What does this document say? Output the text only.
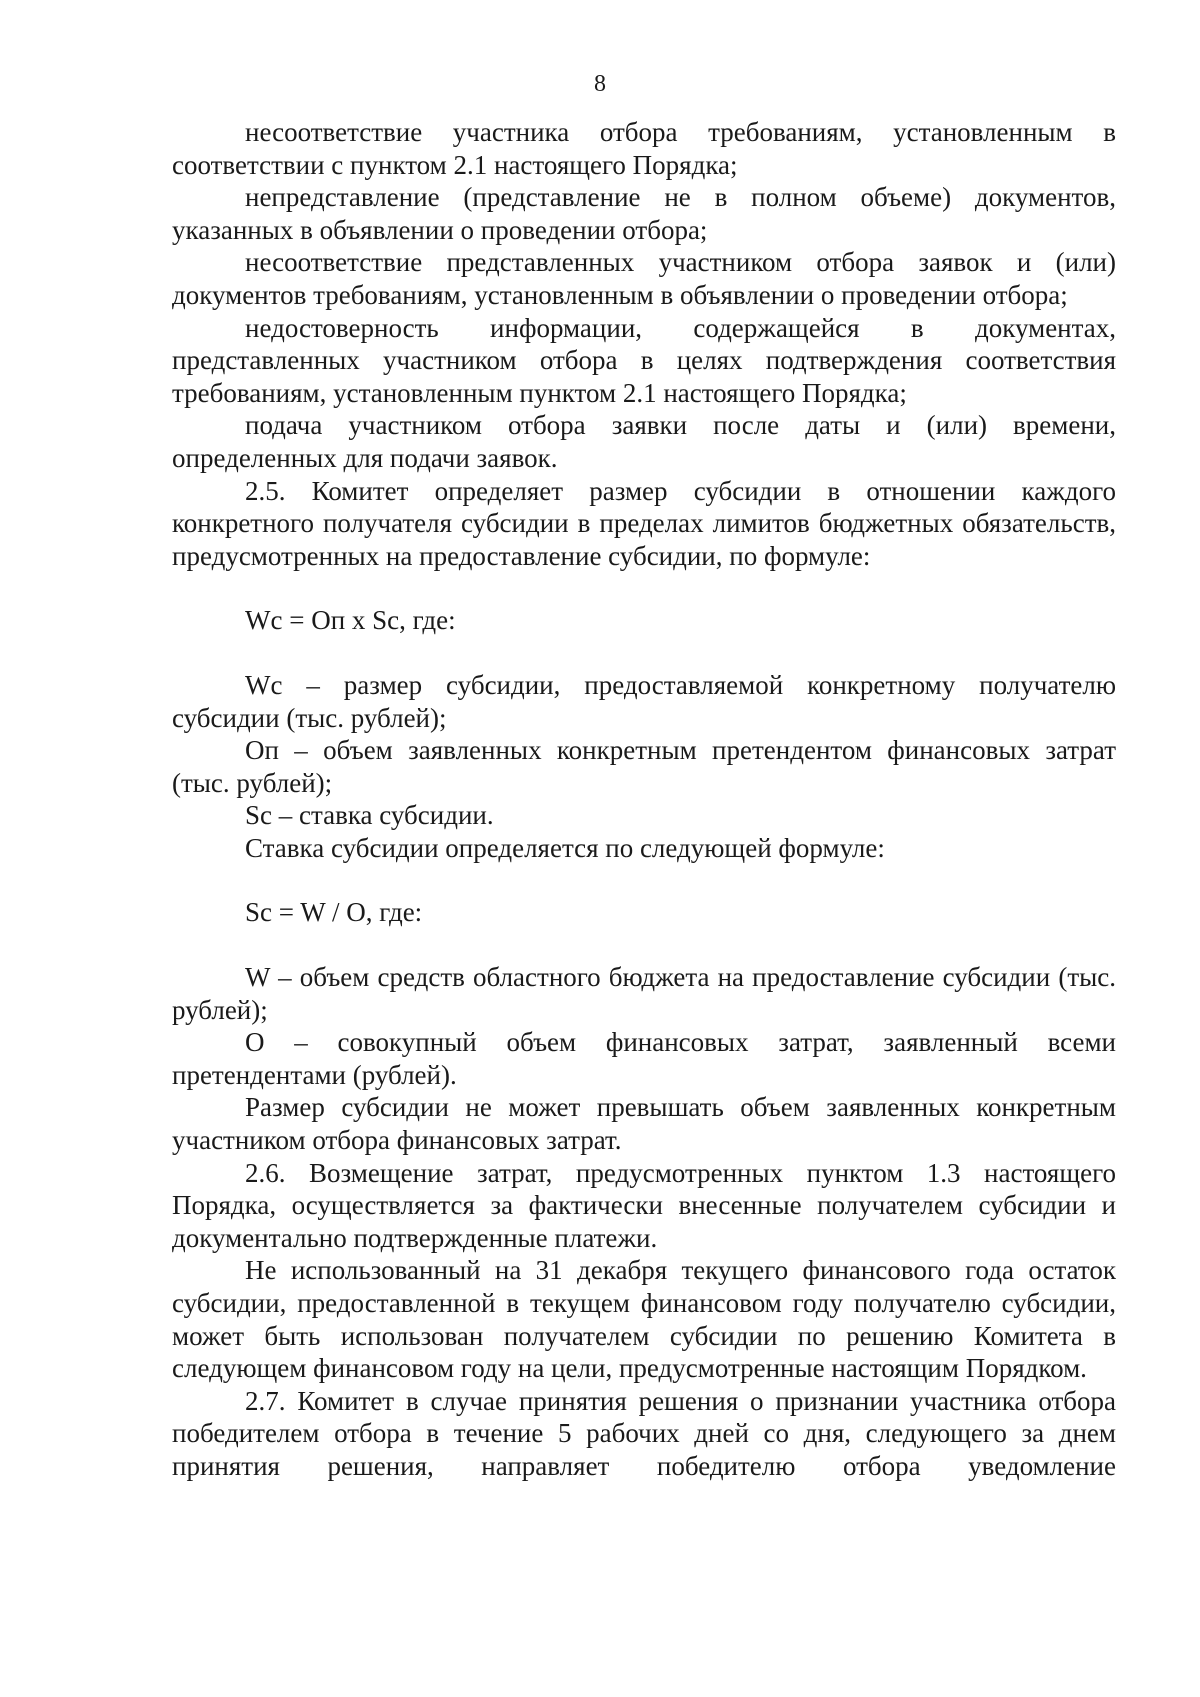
8

несоответствие участника отбора требованиям, установленным в соответствии с пунктом 2.1 настоящего Порядка;

непредставление (представление не в полном объеме) документов, указанных в объявлении о проведении отбора;

несоответствие представленных участником отбора заявок и (или) документов требованиям, установленным в объявлении о проведении отбора;

недостоверность информации, содержащейся в документах, представленных участником отбора в целях подтверждения соответствия требованиям, установленным пунктом 2.1 настоящего Порядка;

подача участником отбора заявки после даты и (или) времени, определенных для подачи заявок.

2.5. Комитет определяет размер субсидии в отношении каждого конкретного получателя субсидии в пределах лимитов бюджетных обязательств, предусмотренных на предоставление субсидии, по формуле:

Wc = Оп x Sc, где:

Wc – размер субсидии, предоставляемой конкретному получателю субсидии (тыс. рублей);

Оп – объем заявленных конкретным претендентом финансовых затрат (тыс. рублей);

Sc – ставка субсидии.

Ставка субсидии определяется по следующей формуле:

Sc = W / O, где:

W – объем средств областного бюджета на предоставление субсидии (тыс. рублей);

O – совокупный объем финансовых затрат, заявленный всеми претендентами (рублей).

Размер субсидии не может превышать объем заявленных конкретным участником отбора финансовых затрат.

2.6. Возмещение затрат, предусмотренных пунктом 1.3 настоящего Порядка, осуществляется за фактически внесенные получателем субсидии и документально подтвержденные платежи.

Не использованный на 31 декабря текущего финансового года остаток субсидии, предоставленной в текущем финансовом году получателю субсидии, может быть использован получателем субсидии по решению Комитета в следующем финансовом году на цели, предусмотренные настоящим Порядком.

2.7. Комитет в случае принятия решения о признании участника отбора победителем отбора в течение 5 рабочих дней со дня, следующего за днем принятия решения, направляет победителю отбора уведомление
